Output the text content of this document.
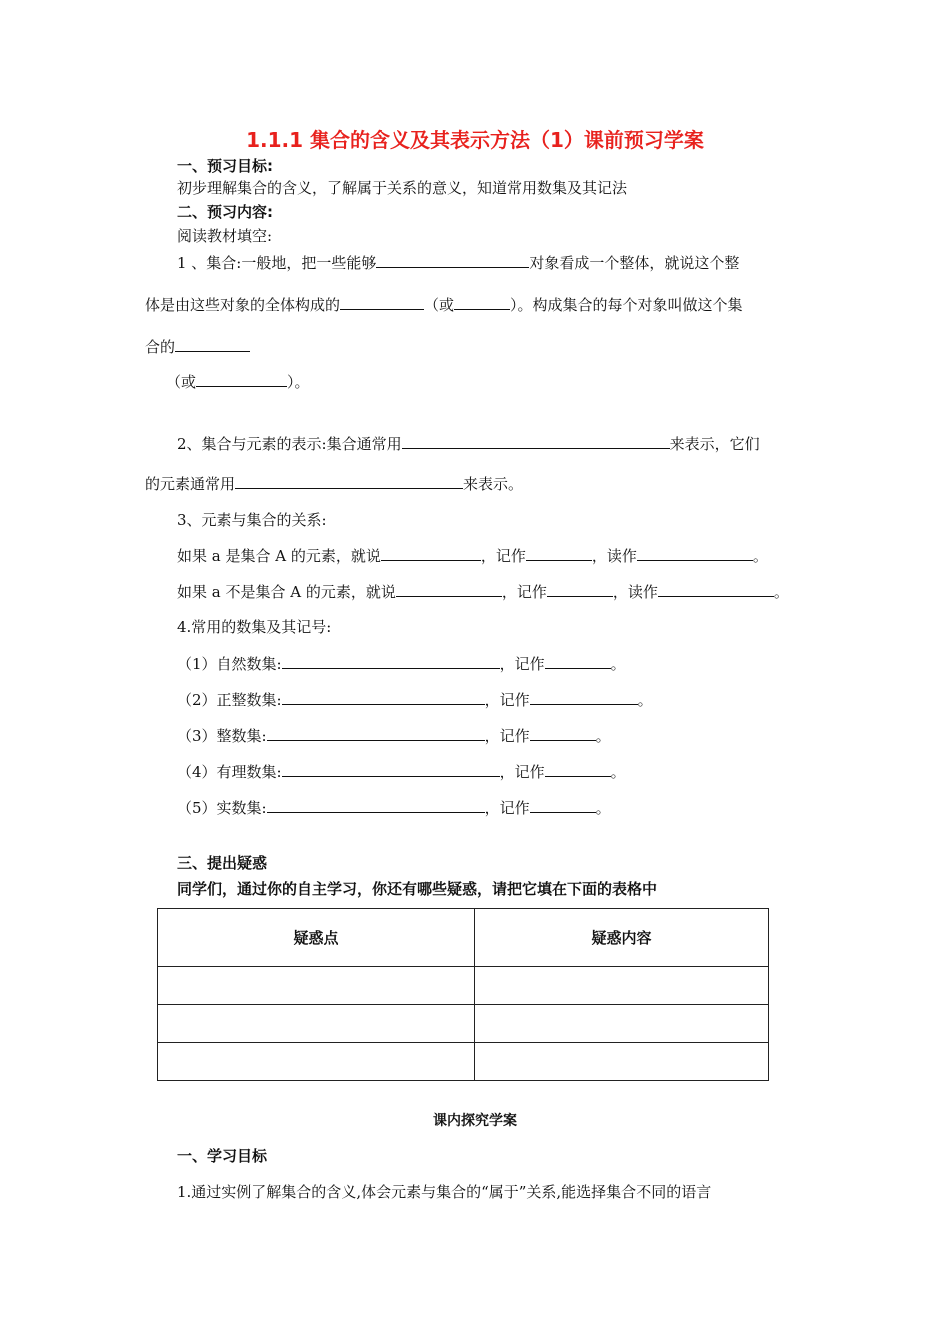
1.1.1 集合的含义及其表示方法（1）课前预习学案
一、预习目标:
初步理解集合的含义，了解属于关系的意义，知道常用数集及其记法
二、预习内容:
阅读教材填空:
1 、集合:一般地，把一些能够	对象看成一个整体，就说这个整
体是由这些对象的全体构成的	（或	）。构成集合的每个对象叫做这个集
合的
（或	）。
2、集合与元素的表示:集合通常用	来表示，它们
的元素通常用	来表示。
3、元素与集合的关系:
如果 a 是集合 A 的元素，就说	，记作	，读作	。
如果 a 不是集合 A 的元素，就说	，记作	，读作	。
4.常用的数集及其记号:
（1）自然数集:	，记作	。
（2）正整数集:	，记作	。
（3）整数集:	，记作	。
（4）有理数集:	，记作	。
（5）实数集:	，记作	。
三、提出疑惑
同学们，通过你的自主学习，你还有哪些疑惑，请把它填在下面的表格中
疑惑点	疑惑内容

课内探究学案
一、学习目标
1.通过实例了解集合的含义,体会元素与集合的“属于”关系,能选择集合不同的语言
